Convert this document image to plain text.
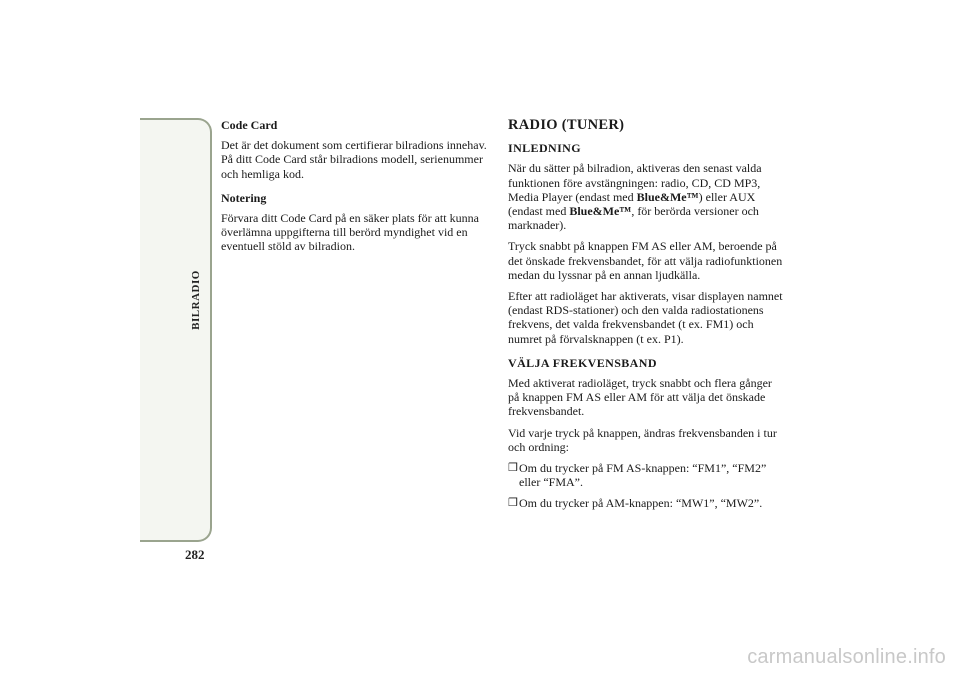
BILRADIO
282
Code Card

Det är det dokument som certifierar bilradions innehav. På ditt Code Card står bilradions modell, serienummer och hemliga kod.

Notering

Förvara ditt Code Card på en säker plats för att kunna överlämna uppgifterna till berörd myndighet vid en eventuell stöld av bilradion.

RADIO (TUNER)
INLEDNING

När du sätter på bilradion, aktiveras den senast valda funktionen före avstängningen: radio, CD, CD MP3, Media Player (endast med Blue&Me™) eller AUX (endast med Blue&Me™, för berörda versioner och marknader).

Tryck snabbt på knappen FM AS eller AM, beroende på det önskade frekvensbandet, för att välja radiofunktionen medan du lyssnar på en annan ljudkälla.

Efter att radioläget har aktiverats, visar displayen namnet (endast RDS-stationer) och den valda radiostationens frekvens, det valda frekvensbandet (t ex. FM1) och numret på förvalsknappen (t ex. P1).

VÄLJA FREKVENSBAND

Med aktiverat radioläget, tryck snabbt och flera gånger på knappen FM AS eller AM för att välja det önskade frekvensbandet.

Vid varje tryck på knappen, ändras frekvensbanden i tur och ordning:

❒ Om du trycker på FM AS-knappen: “FM1”, “FM2” eller “FMA”.
❒ Om du trycker på AM-knappen: “MW1”, “MW2”.
carmanualsonline.info
